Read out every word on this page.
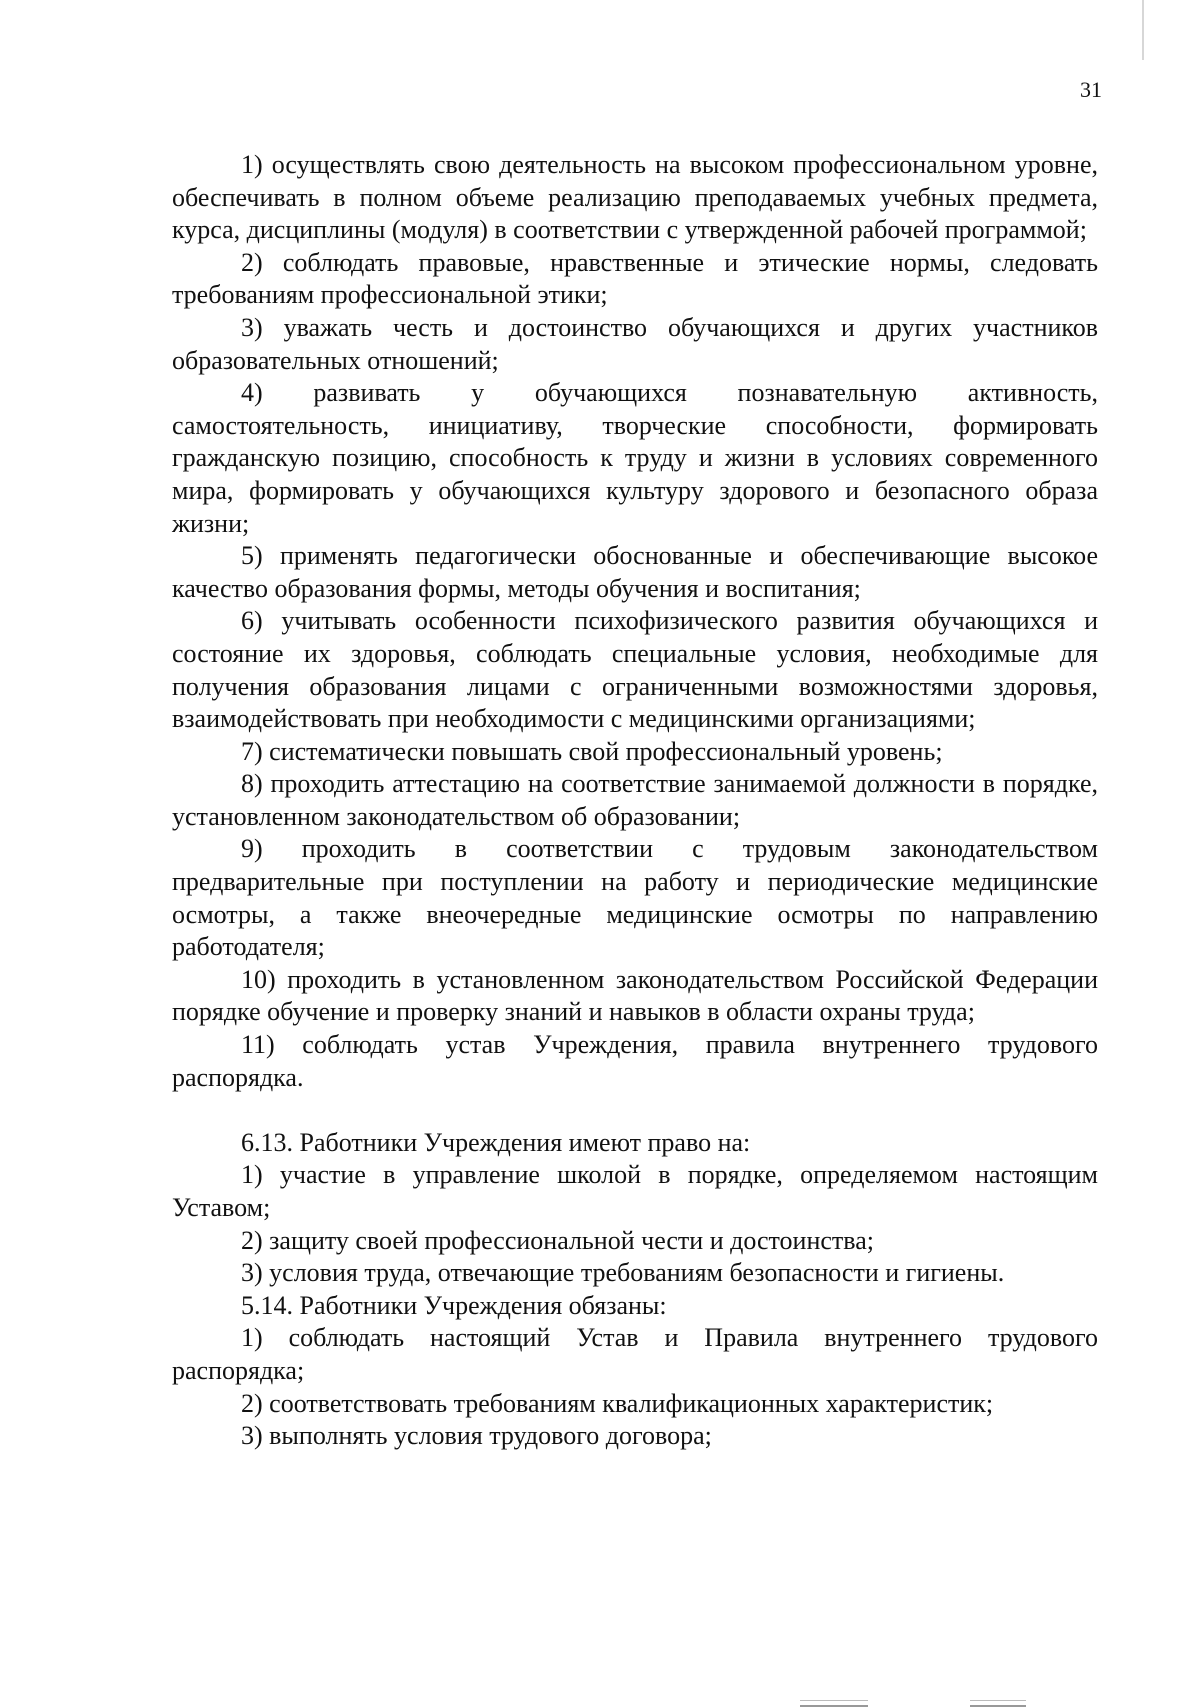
31

1) осуществлять свою деятельность на высоком профессиональном уровне, обеспечивать в полном объеме реализацию преподаваемых учебных предмета, курса, дисциплины (модуля) в соответствии с утвержденной рабочей программой;

2) соблюдать правовые, нравственные и этические нормы, следовать требованиям профессиональной этики;

3) уважать честь и достоинство обучающихся и других участников образовательных отношений;

4) развивать у обучающихся познавательную активность, самостоятельность, инициативу, творческие способности, формировать гражданскую позицию, способность к труду и жизни в условиях современного мира, формировать у обучающихся культуру здорового и безопасного образа жизни;

5) применять педагогически обоснованные и обеспечивающие высокое качество образования формы, методы обучения и воспитания;

6) учитывать особенности психофизического развития обучающихся и состояние их здоровья, соблюдать специальные условия, необходимые для получения образования лицами с ограниченными возможностями здоровья, взаимодействовать при необходимости с медицинскими организациями;

7) систематически повышать свой профессиональный уровень;

8) проходить аттестацию на соответствие занимаемой должности в порядке, установленном законодательством об образовании;

9) проходить в соответствии с трудовым законодательством предварительные при поступлении на работу и периодические медицинские осмотры, а также внеочередные медицинские осмотры по направлению работодателя;

10) проходить в установленном законодательством Российской Федерации порядке обучение и проверку знаний и навыков в области охраны труда;

11) соблюдать устав Учреждения, правила внутреннего трудового распорядка.

6.13. Работники Учреждения имеют право на:

1) участие в управление школой в порядке, определяемом настоящим Уставом;

2) защиту своей профессиональной чести и достоинства;

3) условия труда, отвечающие требованиям безопасности и гигиены.

5.14. Работники Учреждения обязаны:

1) соблюдать настоящий Устав и Правила внутреннего трудового распорядка;

2) соответствовать требованиям квалификационных характеристик;

3) выполнять условия трудового договора;
